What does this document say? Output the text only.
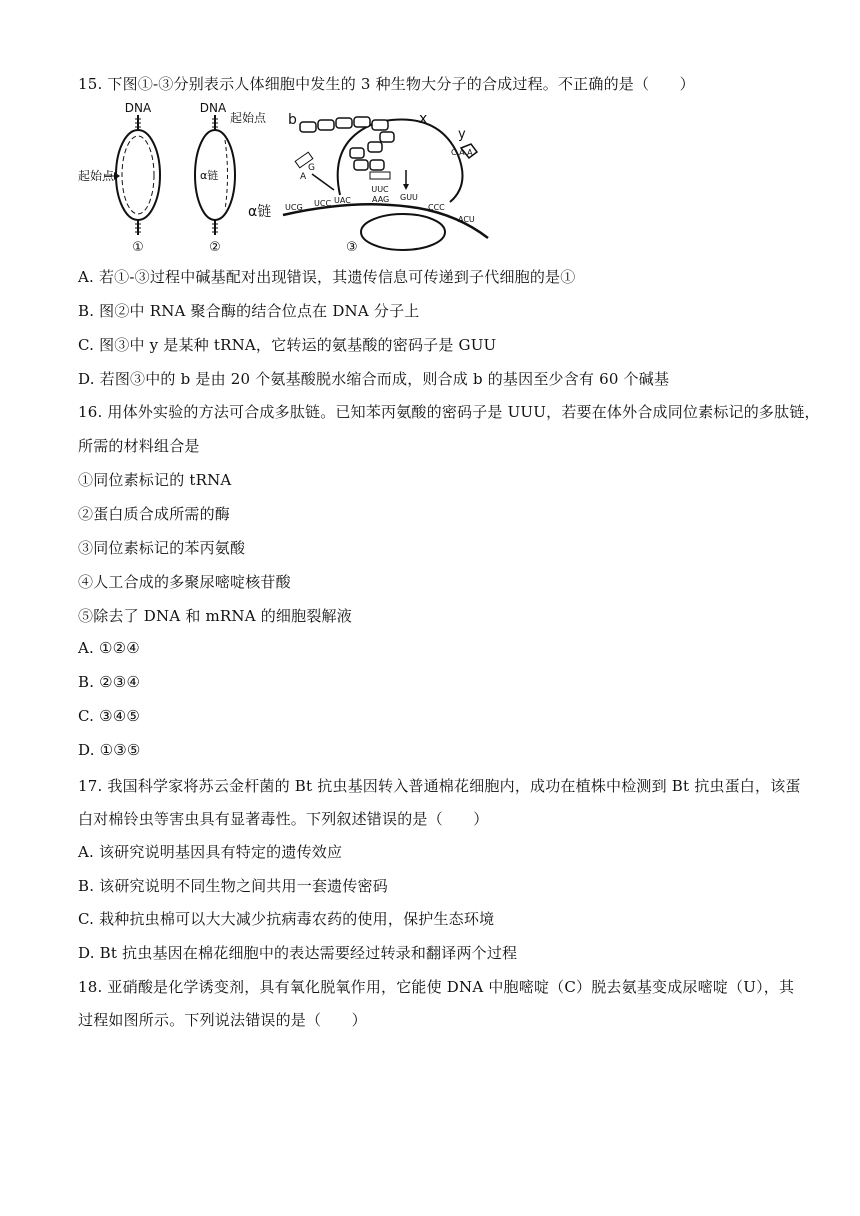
15. 下图①-③分别表示人体细胞中发生的 3 种生物大分子的合成过程。不正确的是（　　）
DNA
起始点
①
DNA
起始点
α链
②
b	x
y
UUC
G
A
C A A
α链 UCG UCC UAC	AAG GUU
CCC
ACU
③
A. 若①-③过程中碱基配对出现错误，其遗传信息可传递到子代细胞的是①
B. 图②中 RNA 聚合酶的结合位点在 DNA 分子上
C. 图③中 y 是某种 tRNA，它转运的氨基酸的密码子是 GUU
D. 若图③中的 b 是由 20 个氨基酸脱水缩合而成，则合成 b 的基因至少含有 60 个碱基
16. 用体外实验的方法可合成多肽链。已知苯丙氨酸的密码子是 UUU，若要在体外合成同位素标记的多肽链，
所需的材料组合是
①同位素标记的 tRNA
②蛋白质合成所需的酶
③同位素标记的苯丙氨酸
④人工合成的多聚尿嘧啶核苷酸
⑤除去了 DNA 和 mRNA 的细胞裂解液
A. ①②④
B. ②③④
C. ③④⑤
D. ①③⑤
17. 我国科学家将苏云金杆菌的 Bt 抗虫基因转入普通棉花细胞内，成功在植株中检测到 Bt 抗虫蛋白，该蛋
白对棉铃虫等害虫具有显著毒性。下列叙述错误的是（　　）
A. 该研究说明基因具有特定的遗传效应
B. 该研究说明不同生物之间共用一套遗传密码
C. 栽种抗虫棉可以大大减少抗病毒农药的使用，保护生态环境
D. Bt 抗虫基因在棉花细胞中的表达需要经过转录和翻译两个过程
18. 亚硝酸是化学诱变剂，具有氧化脱氧作用，它能使 DNA 中胞嘧啶（C）脱去氨基变成尿嘧啶（U），其
过程如图所示。下列说法错误的是（　　）
